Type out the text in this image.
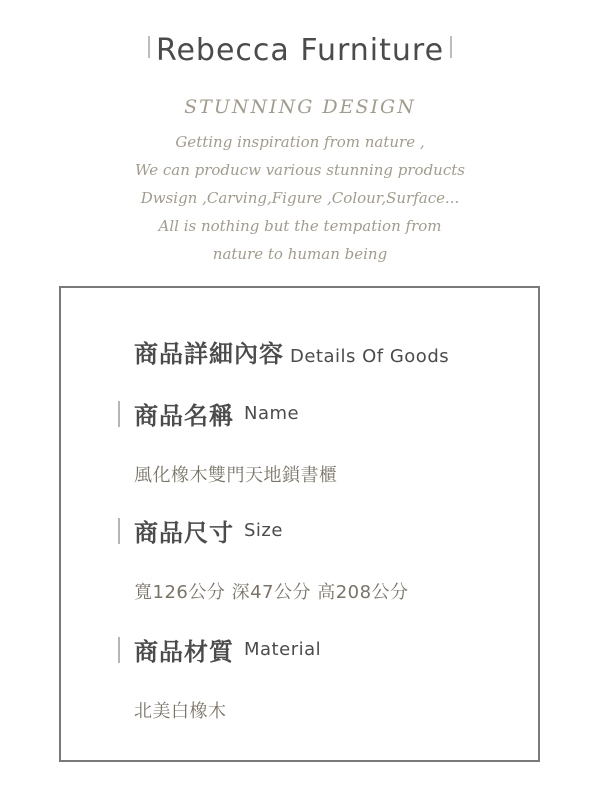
Rebecca Furniture
STUNNING DESIGN
Getting inspiration from nature ,
We can producw various stunning products
Dwsign ,Carving,Figure ,Colour,Surface...
All is nothing but the tempation from
nature to human being
商品詳細內容 Details Of Goods
商品名稱 Name
風化橡木雙門天地鎖書櫃
商品尺寸 Size
寬126公分 深47公分 高208公分
商品材質 Material
北美白橡木
